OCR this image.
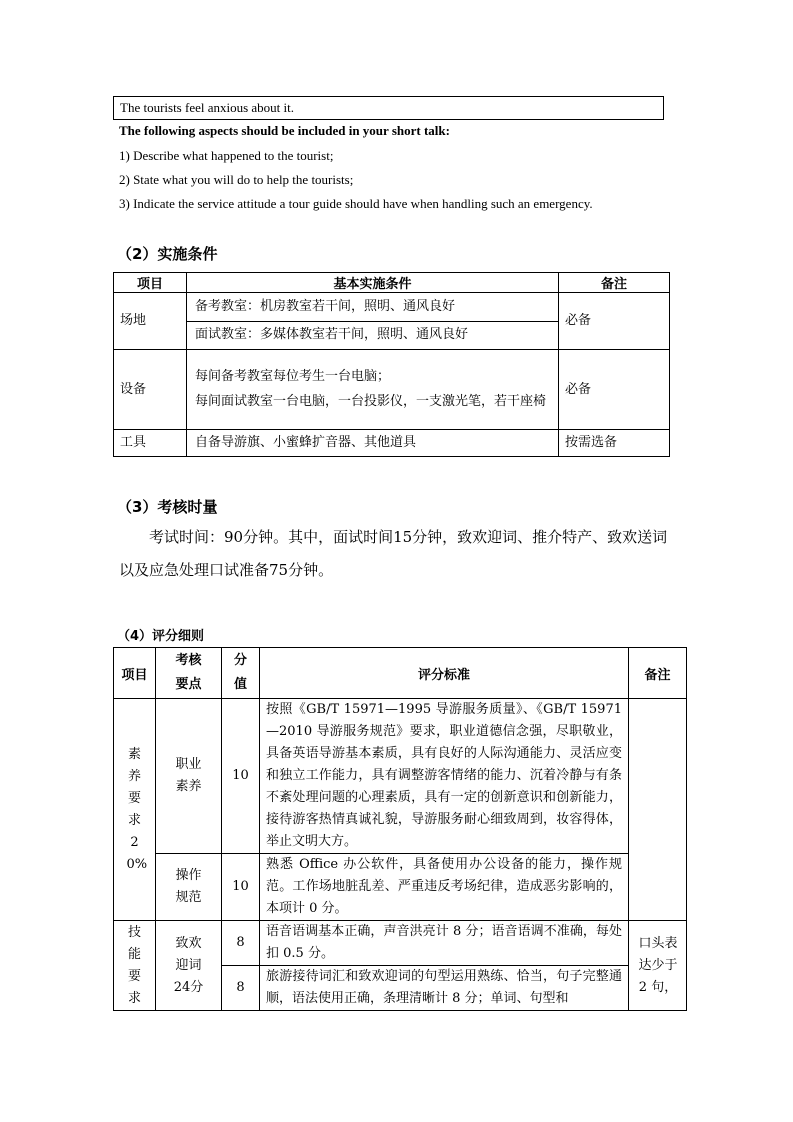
The tourists feel anxious about it.
The following aspects should be included in your short talk:
1) Describe what happened to the tourist;
2) State what you will do to help the tourists;
3) Indicate the service attitude a tour guide should have when handling such an emergency.
（2）实施条件
项目	基本实施条件	备注
场地	备考教室：机房教室若干间，照明、通风良好	必备
	面试教室：多媒体教室若干间，照明、通风良好	
设备	每间备考教室每位考生一台电脑；
每间面试教室一台电脑，一台投影仪，一支激光笔，若干座椅	必备
工具	自备导游旗、小蜜蜂扩音器、其他道具	按需选备
（3）考核时量
考试时间：90分钟。其中，面试时间15分钟，致欢迎词、推介特产、致欢送词以及应急处理口试准备75分钟。
（4）评分细则
项目	考核要点	分值	评分标准	备注

素养要求20%	职业素养	10	按照《GB/T 15971—1995 导游服务质量》、《GB/T 15971—2010 导游服务规范》要求，职业道德信念强，尽职敬业，具备英语导游基本素质，具有良好的人际沟通能力、灵活应变和独立工作能力，具有调整游客情绪的能力、沉着冷静与有条不紊处理问题的心理素质，具有一定的创新意识和创新能力，接待游客热情真诚礼貌，导游服务耐心细致周到，妆容得体，举止文明大方。	

	操作规范	10	熟悉 Office 办公软件，具备使用办公设备的能力，操作规范。工作场地脏乱差、严重违反考场纪律，造成恶劣影响的，本项计 0 分。	

技能要求	致欢迎词24分	8	语音语调基本正确，声音洪亮计 8 分；语音语调不准确，每处扣 0.5 分。	口头表达少于 2 句，

		8	旅游接待词汇和致欢迎词的句型运用熟练、恰当，句子完整通顺，语法使用正确，条理清晰计 8 分；单词、句型和	
